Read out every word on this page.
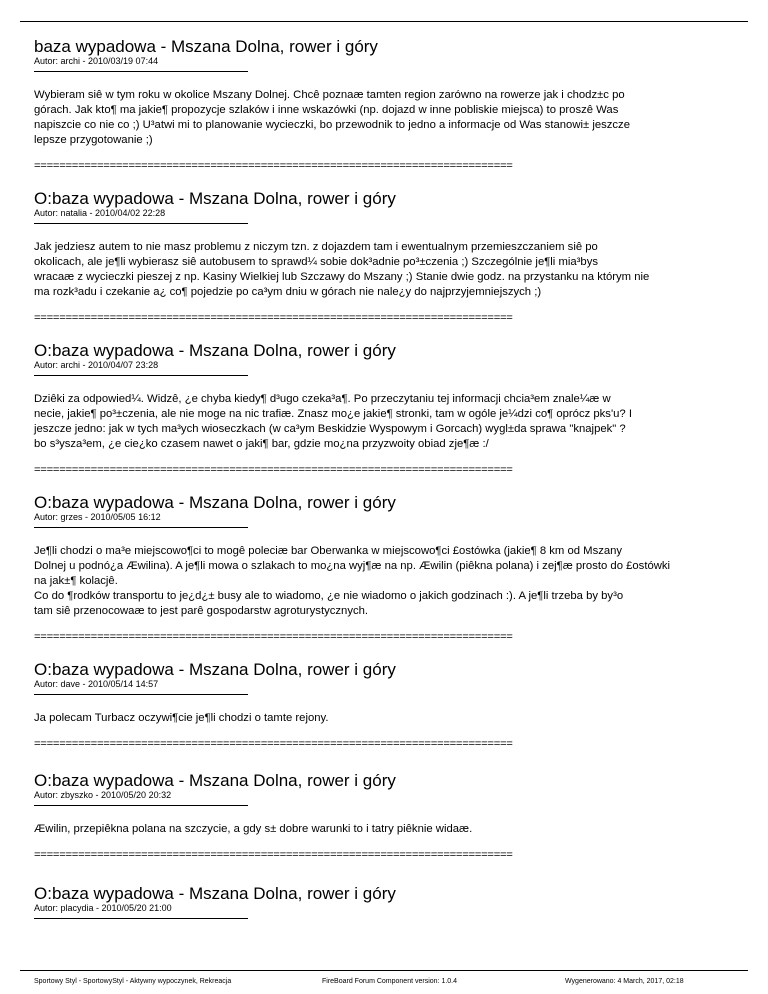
baza wypadowa - Mszana Dolna, rower i góry
Autor: archi - 2010/03/19 07:44
Wybieram siê w tym roku w okolice Mszany Dolnej. Chcê poznaæ tamten region zarówno na rowerze jak i chodz±c po
górach. Jak kto¶ ma jakie¶ propozycje szlaków i inne wskazówki (np. dojazd w inne pobliskie miejsca) to proszê Was
napiszcie co nie co ;) U³atwi mi to planowanie wycieczki, bo przewodnik to jedno a informacje od Was stanowi± jeszcze
lepsze przygotowanie ;)
============================================================================
O:baza wypadowa - Mszana Dolna, rower i góry
Autor: natalia - 2010/04/02 22:28
Jak jedziesz autem to nie masz problemu z niczym tzn. z dojazdem tam i ewentualnym przemieszczaniem siê po
okolicach, ale je¶li wybierasz siê autobusem to sprawd¼ sobie dok³adnie po³±czenia ;) Szczególnie je¶li mia³bys
wracaæ z wycieczki pieszej z np. Kasiny Wielkiej lub Szczawy do Mszany ;) Stanie dwie godz. na przystanku na którym nie
ma rozk³adu i czekanie a¿ co¶ pojedzie po ca³ym dniu w górach nie nale¿y do najprzyjemniejszych ;)
============================================================================
O:baza wypadowa - Mszana Dolna, rower i góry
Autor: archi - 2010/04/07 23:28
Dziêki za odpowied¼. Widzê, ¿e chyba kiedy¶ d³ugo czeka³a¶. Po przeczytaniu tej informacji chcia³em znale¼æ w
necie, jakie¶ po³±czenia, ale nie moge na nic trafiæ. Znasz mo¿e jakie¶ stronki, tam w ogóle je¼dzi co¶ oprócz pks'u? I
jeszcze jedno: jak w tych ma³ych wioseczkach (w ca³ym Beskidzie Wyspowym i Gorcach) wygl±da sprawa "knajpek" ?
bo s³ysza³em, ¿e cie¿ko czasem nawet o jaki¶ bar, gdzie mo¿na przyzwoity obiad zje¶æ :/
============================================================================
O:baza wypadowa - Mszana Dolna, rower i góry
Autor: grzes - 2010/05/05 16:12
Je¶li chodzi o ma³e miejscowo¶ci to mogê poleciæ bar Oberwanka w miejscowo¶ci £ostówka (jakie¶ 8 km od Mszany
Dolnej u podnó¿a Æwilina). A je¶li mowa o szlakach to mo¿na wyj¶æ na np. Æwilin (piêkna polana) i zej¶æ prosto do £ostówki
na jak±¶ kolacjê.
Co do ¶rodków transportu to je¿d¿± busy ale to wiadomo, ¿e nie wiadomo o jakich godzinach :). A je¶li trzeba by by³o
tam siê przenocowaæ to jest parê gospodarstw agroturystycznych.
============================================================================
O:baza wypadowa - Mszana Dolna, rower i góry
Autor: dave - 2010/05/14 14:57
Ja polecam Turbacz oczywi¶cie je¶li chodzi o tamte rejony.
============================================================================
O:baza wypadowa - Mszana Dolna, rower i góry
Autor: zbyszko - 2010/05/20 20:32
Æwilin, przepiêkna polana na szczycie, a gdy s± dobre warunki to i tatry piêknie widaæ.
============================================================================
O:baza wypadowa - Mszana Dolna, rower i góry
Autor: placydia - 2010/05/20 21:00
Sportowy Styl - SportowyStyl - Aktywny wypoczynek, Rekreacja	FireBoard Forum Component version: 1.0.4	Wygenerowano: 4 March, 2017, 02:18
